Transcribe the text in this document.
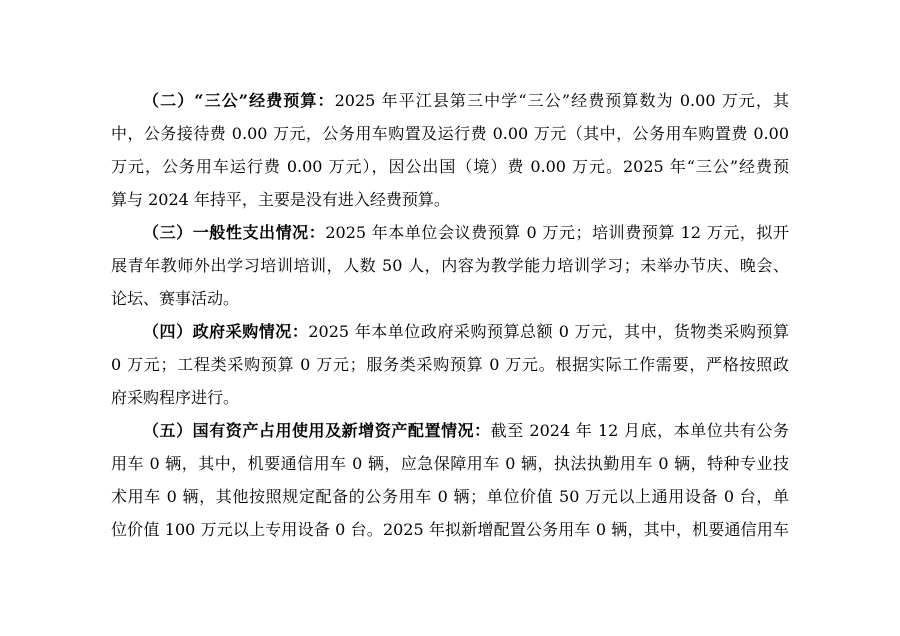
（二）“三公”经费预算：2025 年平江县第三中学“三公”经费预算数为 0.00 万元，其
中，公务接待费 0.00 万元，公务用车购置及运行费 0.00 万元（其中，公务用车购置费 0.00
万元，公务用车运行费 0.00 万元），因公出国（境）费 0.00 万元。2025 年“三公”经费预
算与 2024 年持平，主要是没有进入经费预算。
（三）一般性支出情况：2025 年本单位会议费预算 0 万元；培训费预算 12 万元，拟开
展青年教师外出学习培训培训，人数 50 人，内容为教学能力培训学习；未举办节庆、晚会、
论坛、赛事活动。
（四）政府采购情况：2025 年本单位政府采购预算总额 0 万元，其中，货物类采购预算
0 万元；工程类采购预算 0 万元；服务类采购预算 0 万元。根据实际工作需要，严格按照政
府采购程序进行。
（五）国有资产占用使用及新增资产配置情况：截至 2024 年 12 月底，本单位共有公务
用车 0 辆，其中，机要通信用车 0 辆，应急保障用车 0 辆，执法执勤用车 0 辆，特种专业技
术用车 0 辆，其他按照规定配备的公务用车 0 辆；单位价值 50 万元以上通用设备 0 台，单
位价值 100 万元以上专用设备 0 台。2025 年拟新增配置公务用车 0 辆，其中，机要通信用车
